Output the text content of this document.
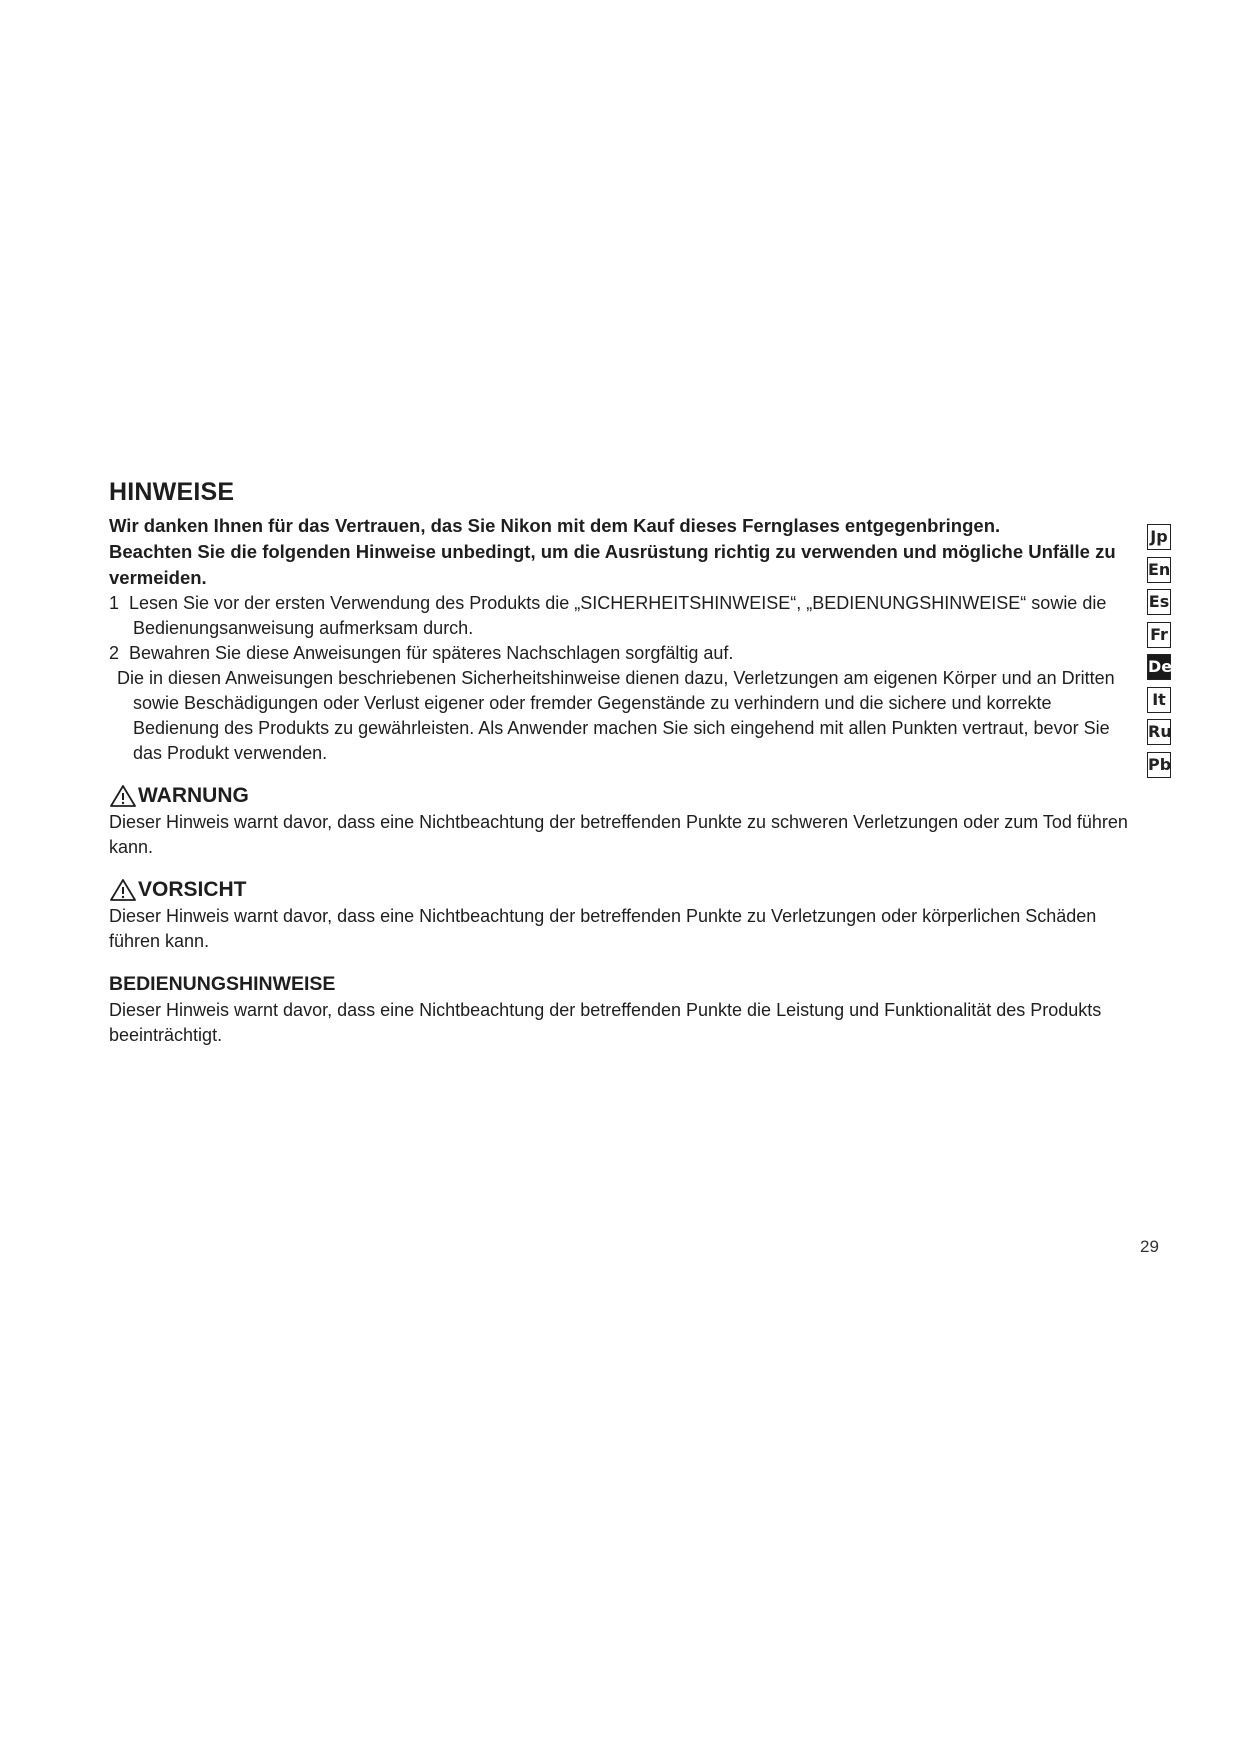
HINWEISE

Wir danken Ihnen für das Vertrauen, das Sie Nikon mit dem Kauf dieses Fernglases entgegenbringen.

Beachten Sie die folgenden Hinweise unbedingt, um die Ausrüstung richtig zu verwenden und mögliche Unfälle zu vermeiden.

1 Lesen Sie vor der ersten Verwendung des Produkts die „SICHERHEITSHINWEISE“, „BEDIENUNGSHINWEISE“ sowie die Bedienungsanweisung aufmerksam durch.
2 Bewahren Sie diese Anweisungen für späteres Nachschlagen sorgfältig auf.

Die in diesen Anweisungen beschriebenen Sicherheitshinweise dienen dazu, Verletzungen am eigenen Körper und an Dritten sowie Beschädigungen oder Verlust eigener oder fremder Gegenstände zu verhindern und die sichere und korrekte Bedienung des Produkts zu gewährleisten. Als Anwender machen Sie sich eingehend mit allen Punkten vertraut, bevor Sie das Produkt verwenden.

WARNUNG
Dieser Hinweis warnt davor, dass eine Nichtbeachtung der betreffenden Punkte zu schweren Verletzungen oder zum Tod führen kann.
VORSICHT
Dieser Hinweis warnt davor, dass eine Nichtbeachtung der betreffenden Punkte zu Verletzungen oder körperlichen Schäden führen kann.
BEDIENUNGSHINWEISE
Dieser Hinweis warnt davor, dass eine Nichtbeachtung der betreffenden Punkte die Leistung und Funktionalität des Produkts beeinträchtigt.
Jp
En
Es
Fr
De
It
Ru
Pb
29
